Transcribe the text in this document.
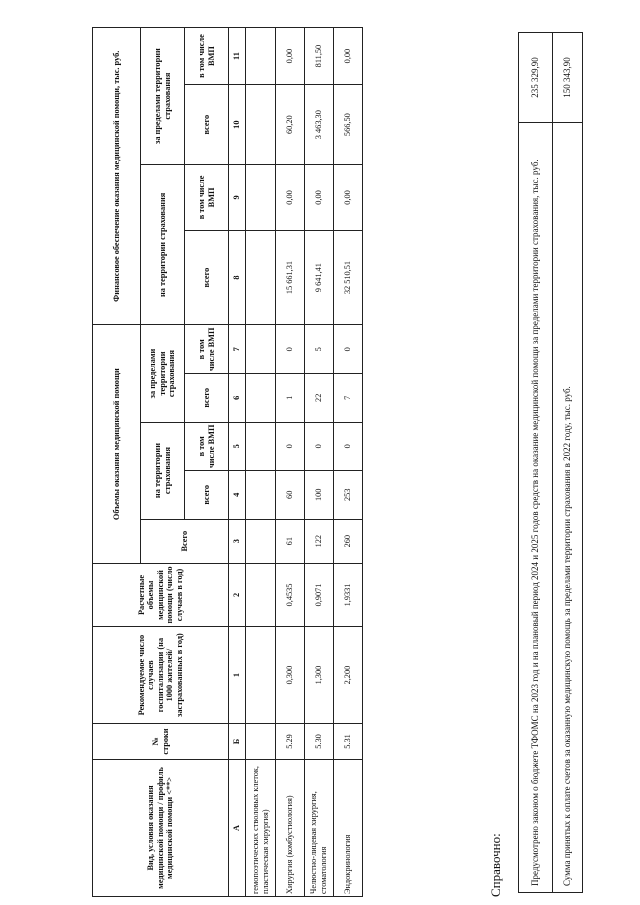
Вид, условия оказания медицинской помощи / профиль медицинской помощи <**>	№ строки	Рекомендуемое число случаев госпитализации (на 1000 жителей/ застрахованных в год)	Расчетные объемы медицинской помощи (число случаев в год)	Объемы оказания медицинской помощи					Финансовое обеспечение оказания медицинской помощи, тыс. руб.			
				Всего	на территории страхования		за пределами территории страхования		на территории страхования		за пределами территории страхования	
					всего	в том числе ВМП	всего	в том числе ВМП	всего	в том числе ВМП	всего	в том числе ВМП
А	Б	1	2	3	4	5	6	7	8	9	10	11
гемопоэтических стволовых клеток, пластическая хирургия)												
Хирургия (комбустиология)	5.29	0,300	0,4535	61	60	0	1	0	15 661,31	0,00	60,20	0,00
Челюстно-лицевая хирургия, стоматология	5.30	1,300	0,9071	122	100	0	22	5	9 641,41	0,00	3 463,30	811,50
Эндокринология	5.31	2,200	1,9331	260	253	0	7	0	32 510,51	0,00	566,50	0,00
Справочно:	Предусмотрено законом о бюджете ТФОМС на 2023 год и на плановый период 2024 и 2025 годов средств на оказание медицинской помощи за пределами территории страхования, тыс. руб.	235 329,90
Сумма принятых к оплате счетов за оказанную медицинскую помощь за пределами территории страхования в 2022 году, тыс. руб.	150 343,90
